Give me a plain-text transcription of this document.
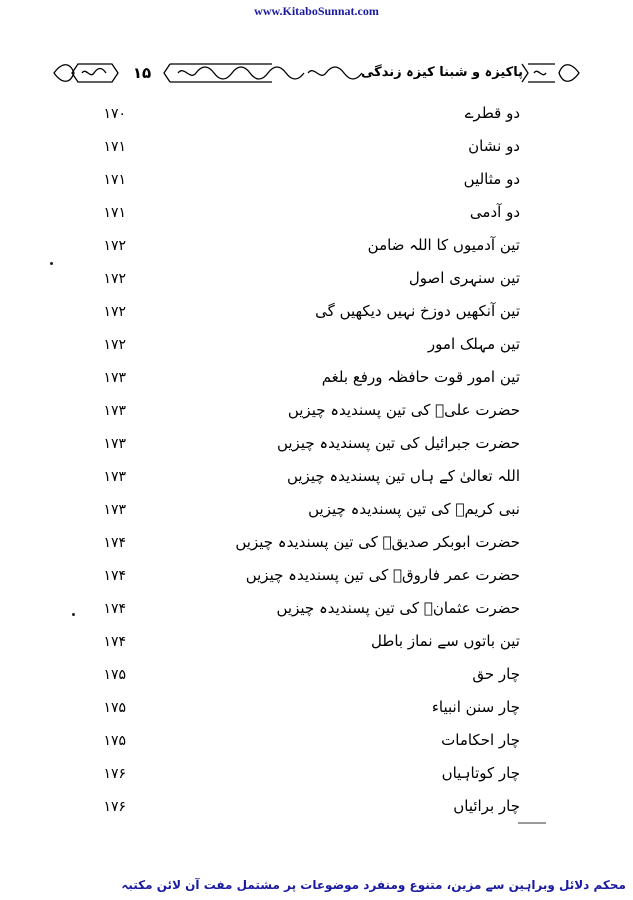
www.KitaboSunnat.com
۱۵	پاکیزہ و شبنا کیزہ زندگی
دو قطرے
۱۷۰
دو نشان
۱۷۱
دو مثالیں
۱۷۱
دو آدمی
۱۷۱
تین آدمیوں کا اللہ ضامن
۱۷۲
تین سنہری اصول
۱۷۲
تین آنکھیں دوزخ نہیں دیکھیں گی
۱۷۲
تین مہلک امور
۱۷۲
تین امور قوت حافظہ ورفع بلغم
۱۷۳
حضرت علیؓ کی تین پسندیدہ چیزیں
۱۷۳
حضرت جبرائیل کی تین پسندیدہ چیزیں
۱۷۳
اللہ تعالیٰ کے ہاں تین پسندیدہ چیزیں
۱۷۳
نبی کریمؐ کی تین پسندیدہ چیزیں
۱۷۳
حضرت ابوبکر صدیقؓ کی تین پسندیدہ چیزیں
۱۷۴
حضرت عمر فاروقؓ کی تین پسندیدہ چیزیں
۱۷۴
حضرت عثمانؓ کی تین پسندیدہ چیزیں
۱۷۴
تین باتوں سے نماز باطل
۱۷۴
چار حق
۱۷۵
چار سنن انبیاء
۱۷۵
چار احکامات
۱۷۵
چار کوتاہیاں
۱۷۶
چار برائیاں
۱۷۶
محکم دلائل وبراہین سے مزین، متنوع ومنفرد موضوعات پر مشتمل مفت آن لائن مکتبہ
